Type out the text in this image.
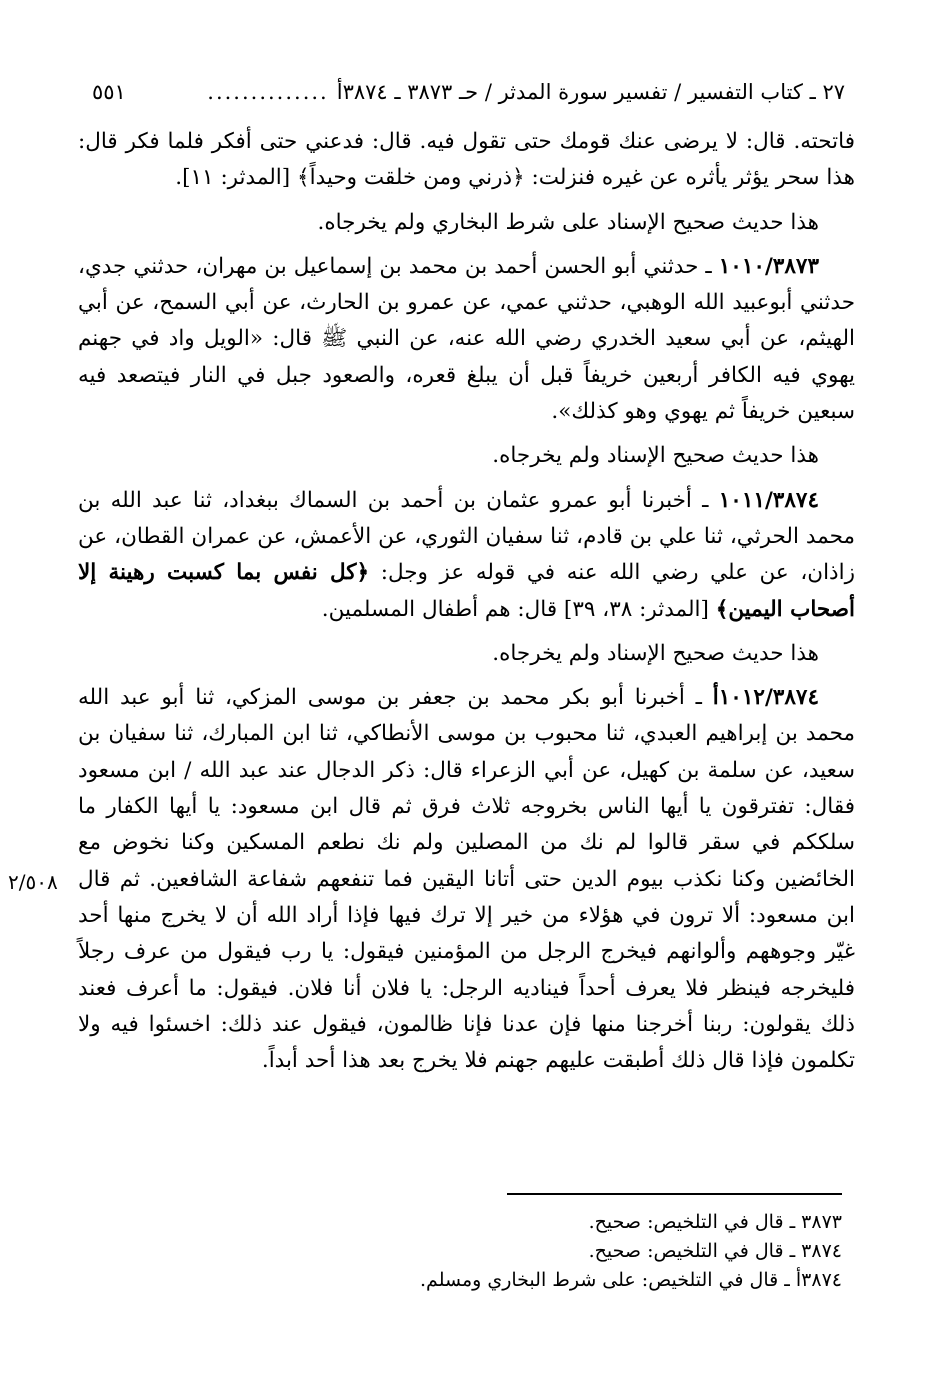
٢٧ ـ كتاب التفسير / تفسير سورة المدثر / حـ ٣٨٧٣ ـ ٣٨٧٤أ
..............
٥٥١

فاتحته. قال: لا يرضى عنك قومك حتى تقول فيه. قال: فدعني حتى أفكر فلما فكر قال: هذا سحر يؤثر يأثره عن غيره فنزلت: ﴿ذرني ومن خلقت وحيداً﴾ [المدثر: ١١].

هذا حديث صحيح الإسناد على شرط البخاري ولم يخرجاه.

١٠١٠/٣٨٧٣ ـ حدثني أبو الحسن أحمد بن محمد بن إسماعيل بن مهران، حدثني جدي، حدثني أبوعبيد الله الوهبي، حدثني عمي، عن عمرو بن الحارث، عن أبي السمح، عن أبي الهيثم، عن أبي سعيد الخدري رضي الله عنه، عن النبي ﷺ قال: «الويل واد في جهنم يهوي فيه الكافر أربعين خريفاً قبل أن يبلغ قعره، والصعود جبل في النار فيتصعد فيه سبعين خريفاً ثم يهوي وهو كذلك».

هذا حديث صحيح الإسناد ولم يخرجاه.

١٠١١/٣٨٧٤ ـ أخبرنا أبو عمرو عثمان بن أحمد بن السماك ببغداد، ثنا عبد الله بن محمد الحرثي، ثنا علي بن قادم، ثنا سفيان الثوري، عن الأعمش، عن عمران القطان، عن زاذان، عن علي رضي الله عنه في قوله عز وجل: ﴿كل نفس بما كسبت رهينة إلا أصحاب اليمين﴾ [المدثر: ٣٨، ٣٩] قال: هم أطفال المسلمين.

هذا حديث صحيح الإسناد ولم يخرجاه.

١٠١٢/٣٨٧٤أ ـ أخبرنا أبو بكر محمد بن جعفر بن موسى المزكي، ثنا أبو عبد الله محمد بن إبراهيم العبدي، ثنا محبوب بن موسى الأنطاكي، ثنا ابن المبارك، ثنا سفيان بن سعيد، عن سلمة بن كهيل، عن أبي الزعراء قال: ذكر الدجال عند عبد الله / ابن مسعود فقال: تفترقون يا أيها الناس بخروجه ثلاث فرق ثم قال ابن مسعود: يا أيها الكفار ما سلككم في سقر قالوا لم نك من المصلين ولم نك نطعم المسكين وكنا نخوض مع الخائضين وكنا نكذب بيوم الدين حتى أتانا اليقين فما تنفعهم شفاعة الشافعين. ثم قال ابن مسعود: ألا ترون في هؤلاء من خير إلا ترك فيها فإذا أراد الله أن لا يخرج منها أحد غيّر وجوههم وألوانهم فيخرج الرجل من المؤمنين فيقول: يا رب فيقول من عرف رجلاً فليخرجه فينظر فلا يعرف أحداً فيناديه الرجل: يا فلان أنا فلان. فيقول: ما أعرف فعند ذلك يقولون: ربنا أخرجنا منها فإن عدنا فإنا ظالمون، فيقول عند ذلك: اخسئوا فيه ولا تكلمون فإذا قال ذلك أطبقت عليهم جهنم فلا يخرج بعد هذا أحد أبداً.

٢/٥٠٨
٣٨٧٣ ـ قال في التلخيص: صحيح.
٣٨٧٤ ـ قال في التلخيص: صحيح.
٣٨٧٤أ ـ قال في التلخيص: على شرط البخاري ومسلم.
